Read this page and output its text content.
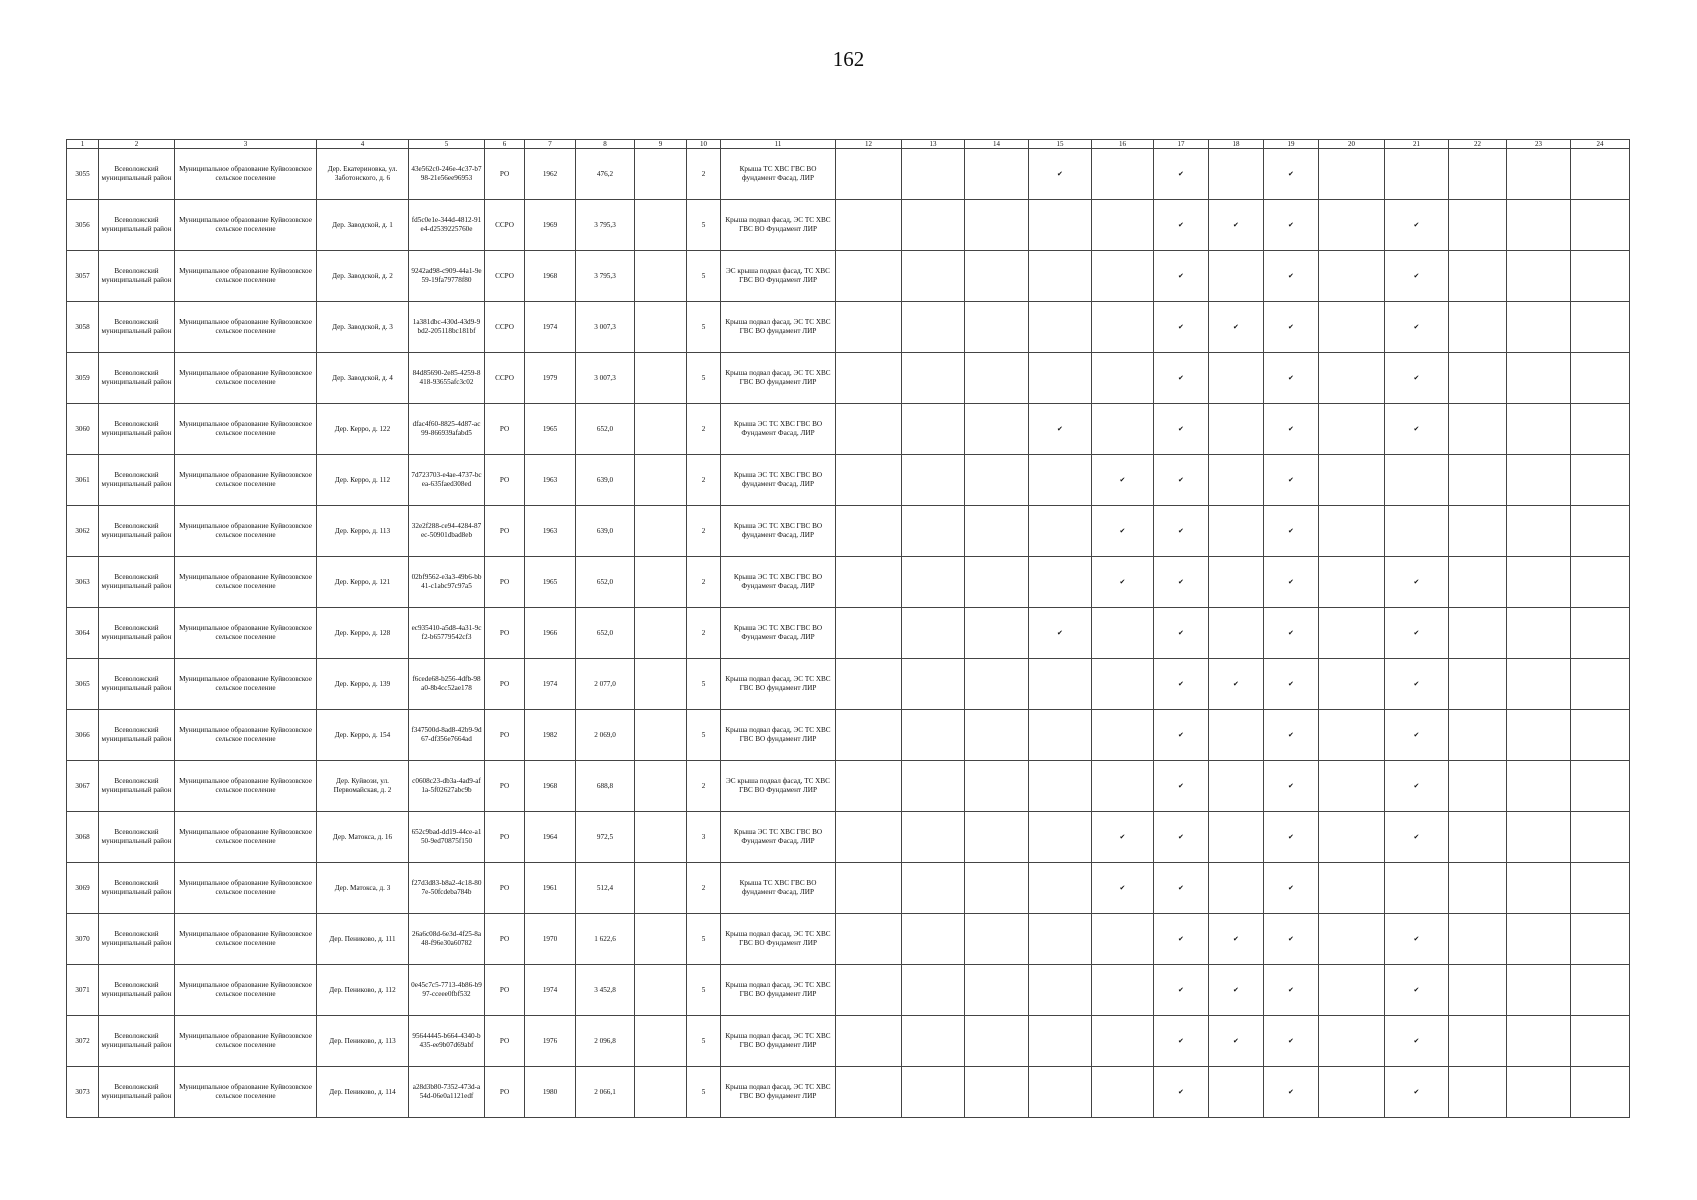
162
1	2	3	4	5	6	7	8	9	10	11	12	13	14	15	16	17	18	19	20	21	22	23	24
3055	Всеволожский муниципальный район	Муниципальное образование Куйвозовское сельское поселение	Дер. Екатериновка, ул. Заботонского, д. 6	43e562c0-246e-4c37-b798-21e56ee96953	РО	1962	476,2		2	Крыша ТС ХВС ГВС ВО фундамент Фасад, ЛИР				✔		✔		✔					
3056	Всеволожский муниципальный район	Муниципальное образование Куйвозовское сельское поселение	Дер. Заводской, д. 1	fd5c0e1e-344d-4812-91e4-d2539225760e	ССРО	1969	3 795,3		5	Крыша подвал фасад, ЭС ТС ХВС ГВС ВО Фундамент ЛИР						✔	✔	✔		✔			
3057	Всеволожский муниципальный район	Муниципальное образование Куйвозовское сельское поселение	Дер. Заводской, д. 2	9242ad98-c909-44a1-9e59-19fa79778f80	ССРО	1968	3 795,3		5	ЭС крыша подвал фасад, ТС ХВС ГВС ВО Фундамент ЛИР						✔		✔		✔			
3058	Всеволожский муниципальный район	Муниципальное образование Куйвозовское сельское поселение	Дер. Заводской, д. 3	1a381dbc-430d-43d9-9bd2-205118bc181bf	ССРО	1974	3 007,3		5	Крыша подвал фасад, ЭС ТС ХВС ГВС ВО фундамент ЛИР						✔	✔	✔		✔			
3059	Всеволожский муниципальный район	Муниципальное образование Куйвозовское сельское поселение	Дер. Заводской, д. 4	84d85690-2e85-4259-8418-93655afc3c02	ССРО	1979	3 007,3		5	Крыша подвал фасад, ЭС ТС ХВС ГВС ВО фундамент ЛИР						✔		✔		✔			
3060	Всеволожский муниципальный район	Муниципальное образование Куйвозовское сельское поселение	Дер. Керро, д. 122	dfac4f60-8825-4d87-ac99-866939afabd5	РО	1965	652,0		2	Крыша ЭС ТС ХВС ГВС ВО Фундамент Фасад, ЛИР				✔		✔		✔		✔			
3061	Всеволожский муниципальный район	Муниципальное образование Куйвозовское сельское поселение	Дер. Керро, д. 112	7d723703-e4ae-4737-bcea-635faed308ed	РО	1963	639,0		2	Крыша ЭС ТС ХВС ГВС ВО фундамент Фасад, ЛИР					✔	✔		✔					
3062	Всеволожский муниципальный район	Муниципальное образование Куйвозовское сельское поселение	Дер. Керро, д. 113	32e2f288-ce94-4284-87ec-50901dbad8eb	РО	1963	639,0		2	Крыша ЭС ТС ХВС ГВС ВО фундамент Фасад, ЛИР					✔	✔		✔					
3063	Всеволожский муниципальный район	Муниципальное образование Куйвозовское сельское поселение	Дер. Керро, д. 121	02bf9562-e3a3-49b6-bb41-c1abc97c97a5	РО	1965	652,0		2	Крыша ЭС ТС ХВС ГВС ВО Фундамент Фасад, ЛИР					✔	✔		✔		✔			
3064	Всеволожский муниципальный район	Муниципальное образование Куйвозовское сельское поселение	Дер. Керро, д. 128	ec935410-a5d8-4a31-9cf2-b65779542cf3	РО	1966	652,0		2	Крыша ЭС ТС ХВС ГВС ВО Фундамент Фасад, ЛИР				✔		✔		✔		✔			
3065	Всеволожский муниципальный район	Муниципальное образование Куйвозовское сельское поселение	Дер. Керро, д. 139	f6cede68-b256-4dfb-98a0-8b4cc52ae178	РО	1974	2 077,0		5	Крыша подвал фасад, ЭС ТС ХВС ГВС ВО фундамент ЛИР						✔	✔	✔		✔			
3066	Всеволожский муниципальный район	Муниципальное образование Куйвозовское сельское поселение	Дер. Керро, д. 154	f347500d-8ad8-42b9-9d67-df356e7664ad	РО	1982	2 069,0		5	Крыша подвал фасад, ЭС ТС ХВС ГВС ВО фундамент ЛИР						✔		✔		✔			
3067	Всеволожский муниципальный район	Муниципальное образование Куйвозовское сельское поселение	Дер. Куйвози, ул. Первомайская, д. 2	c0608c23-db3a-4ad9-af1a-5f02627abc9b	РО	1968	688,8		2	ЭС крыша подвал фасад, ТС ХВС ГВС ВО Фундамент ЛИР						✔		✔		✔			
3068	Всеволожский муниципальный район	Муниципальное образование Куйвозовское сельское поселение	Дер. Матокса, д. 16	652c9bad-dd19-44ce-a150-9ed70875f150	РО	1964	972,5		3	Крыша ЭС ТС ХВС ГВС ВО Фундамент Фасад, ЛИР					✔	✔		✔		✔			
3069	Всеволожский муниципальный район	Муниципальное образование Куйвозовское сельское поселение	Дер. Матокса, д. 3	f27d3d83-b8a2-4c18-807e-50fcdeba784b	РО	1961	512,4		2	Крыша ТС ХВС ГВС ВО фундамент Фасад, ЛИР					✔	✔		✔					
3070	Всеволожский муниципальный район	Муниципальное образование Куйвозовское сельское поселение	Дер. Пениково, д. 111	26a6c08d-6e3d-4f25-8a48-f96e30a60782	РО	1970	1 622,6		5	Крыша подвал фасад, ЭС ТС ХВС ГВС ВО Фундамент ЛИР						✔	✔	✔		✔			
3071	Всеволожский муниципальный район	Муниципальное образование Куйвозовское сельское поселение	Дер. Пениково, д. 112	0e45c7c5-7713-4b86-b997-cceee0fbf532	РО	1974	3 452,8		5	Крыша подвал фасад, ЭС ТС ХВС ГВС ВО фундамент ЛИР						✔	✔	✔		✔			
3072	Всеволожский муниципальный район	Муниципальное образование Куйвозовское сельское поселение	Дер. Пениково, д. 113	95644445-b664-4340-b435-ee9b07d69abf	РО	1976	2 096,8		5	Крыша подвал фасад, ЭС ТС ХВС ГВС ВО фундамент ЛИР						✔	✔	✔		✔			
3073	Всеволожский муниципальный район	Муниципальное образование Куйвозовское сельское поселение	Дер. Пениково, д. 114	a28d3b80-7352-473d-a54d-06e0a1121edf	РО	1980	2 066,1		5	Крыша подвал фасад, ЭС ТС ХВС ГВС ВО фундамент ЛИР						✔		✔		✔			
